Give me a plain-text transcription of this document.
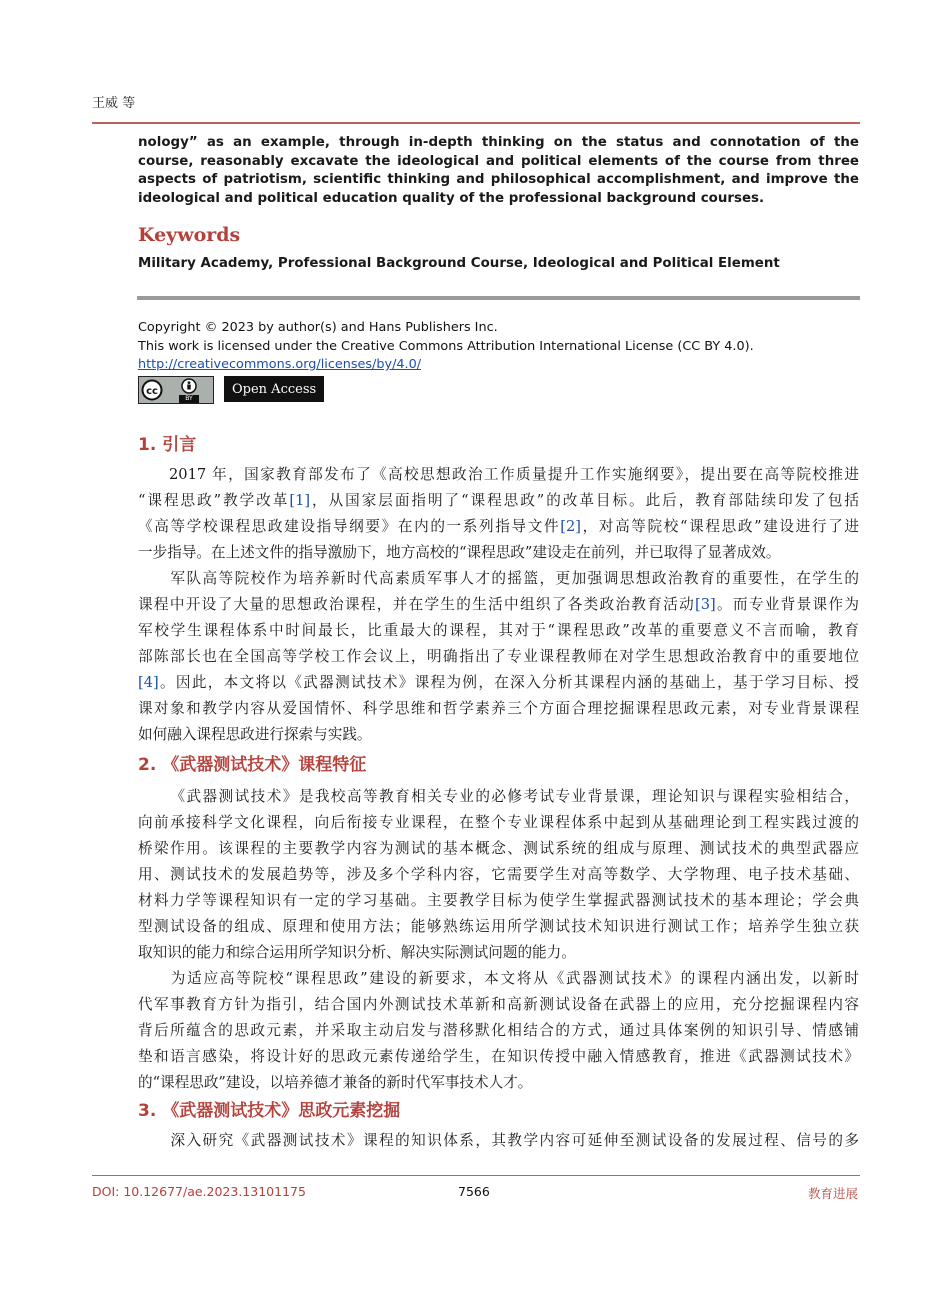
王威 等

nology” as an example, through in-depth thinking on the status and connotation of the course, reasonably excavate the ideological and political elements of the course from three aspects of patriotism, scientific thinking and philosophical accomplishment, and improve the ideological and political education quality of the professional background courses.

Keywords

Military Academy, Professional Background Course, Ideological and Political Element

Copyright © 2023 by author(s) and Hans Publishers Inc.
This work is licensed under the Creative Commons Attribution International License (CC BY 4.0).
http://creativecommons.org/licenses/by/4.0/
cc
BY
Open Access
1. 引言

2017 年，国家教育部发布了《高校思想政治工作质量提升工作实施纲要》，提出要在高等院校推进
“课程思政”教学改革[1]，从国家层面指明了“课程思政”的改革目标。此后，教育部陆续印发了包括
《高等学校课程思政建设指导纲要》在内的一系列指导文件[2]，对高等院校“课程思政”建设进行了进
一步指导。在上述文件的指导激励下，地方高校的“课程思政”建设走在前列，并已取得了显著成效。

军队高等院校作为培养新时代高素质军事人才的摇篮，更加强调思想政治教育的重要性，在学生的
课程中开设了大量的思想政治课程，并在学生的生活中组织了各类政治教育活动[3]。而专业背景课作为
军校学生课程体系中时间最长，比重最大的课程，其对于“课程思政”改革的重要意义不言而喻，教育
部陈部长也在全国高等学校工作会议上，明确指出了专业课程教师在对学生思想政治教育中的重要地位
[4]。因此，本文将以《武器测试技术》课程为例，在深入分析其课程内涵的基础上，基于学习目标、授
课对象和教学内容从爱国情怀、科学思维和哲学素养三个方面合理挖掘课程思政元素，对专业背景课程
如何融入课程思政进行探索与实践。

2. 《武器测试技术》课程特征

《武器测试技术》是我校高等教育相关专业的必修考试专业背景课，理论知识与课程实验相结合，
向前承接科学文化课程，向后衔接专业课程，在整个专业课程体系中起到从基础理论到工程实践过渡的
桥梁作用。该课程的主要教学内容为测试的基本概念、测试系统的组成与原理、测试技术的典型武器应
用、测试技术的发展趋势等，涉及多个学科内容，它需要学生对高等数学、大学物理、电子技术基础、
材料力学等课程知识有一定的学习基础。主要教学目标为使学生掌握武器测试技术的基本理论；学会典
型测试设备的组成、原理和使用方法；能够熟练运用所学测试技术知识进行测试工作；培养学生独立获
取知识的能力和综合运用所学知识分析、解决实际测试问题的能力。

为适应高等院校“课程思政”建设的新要求，本文将从《武器测试技术》的课程内涵出发，以新时
代军事教育方针为指引，结合国内外测试技术革新和高新测试设备在武器上的应用，充分挖掘课程内容
背后所蕴含的思政元素，并采取主动启发与潜移默化相结合的方式，通过具体案例的知识引导、情感铺
垫和语言感染，将设计好的思政元素传递给学生，在知识传授中融入情感教育，推进《武器测试技术》
的“课程思政”建设，以培养德才兼备的新时代军事技术人才。

3. 《武器测试技术》思政元素挖掘

深入研究《武器测试技术》课程的知识体系，其教学内容可延伸至测试设备的发展过程、信号的多

DOI: 10.12677/ae.2023.13101175	7566	教育进展
